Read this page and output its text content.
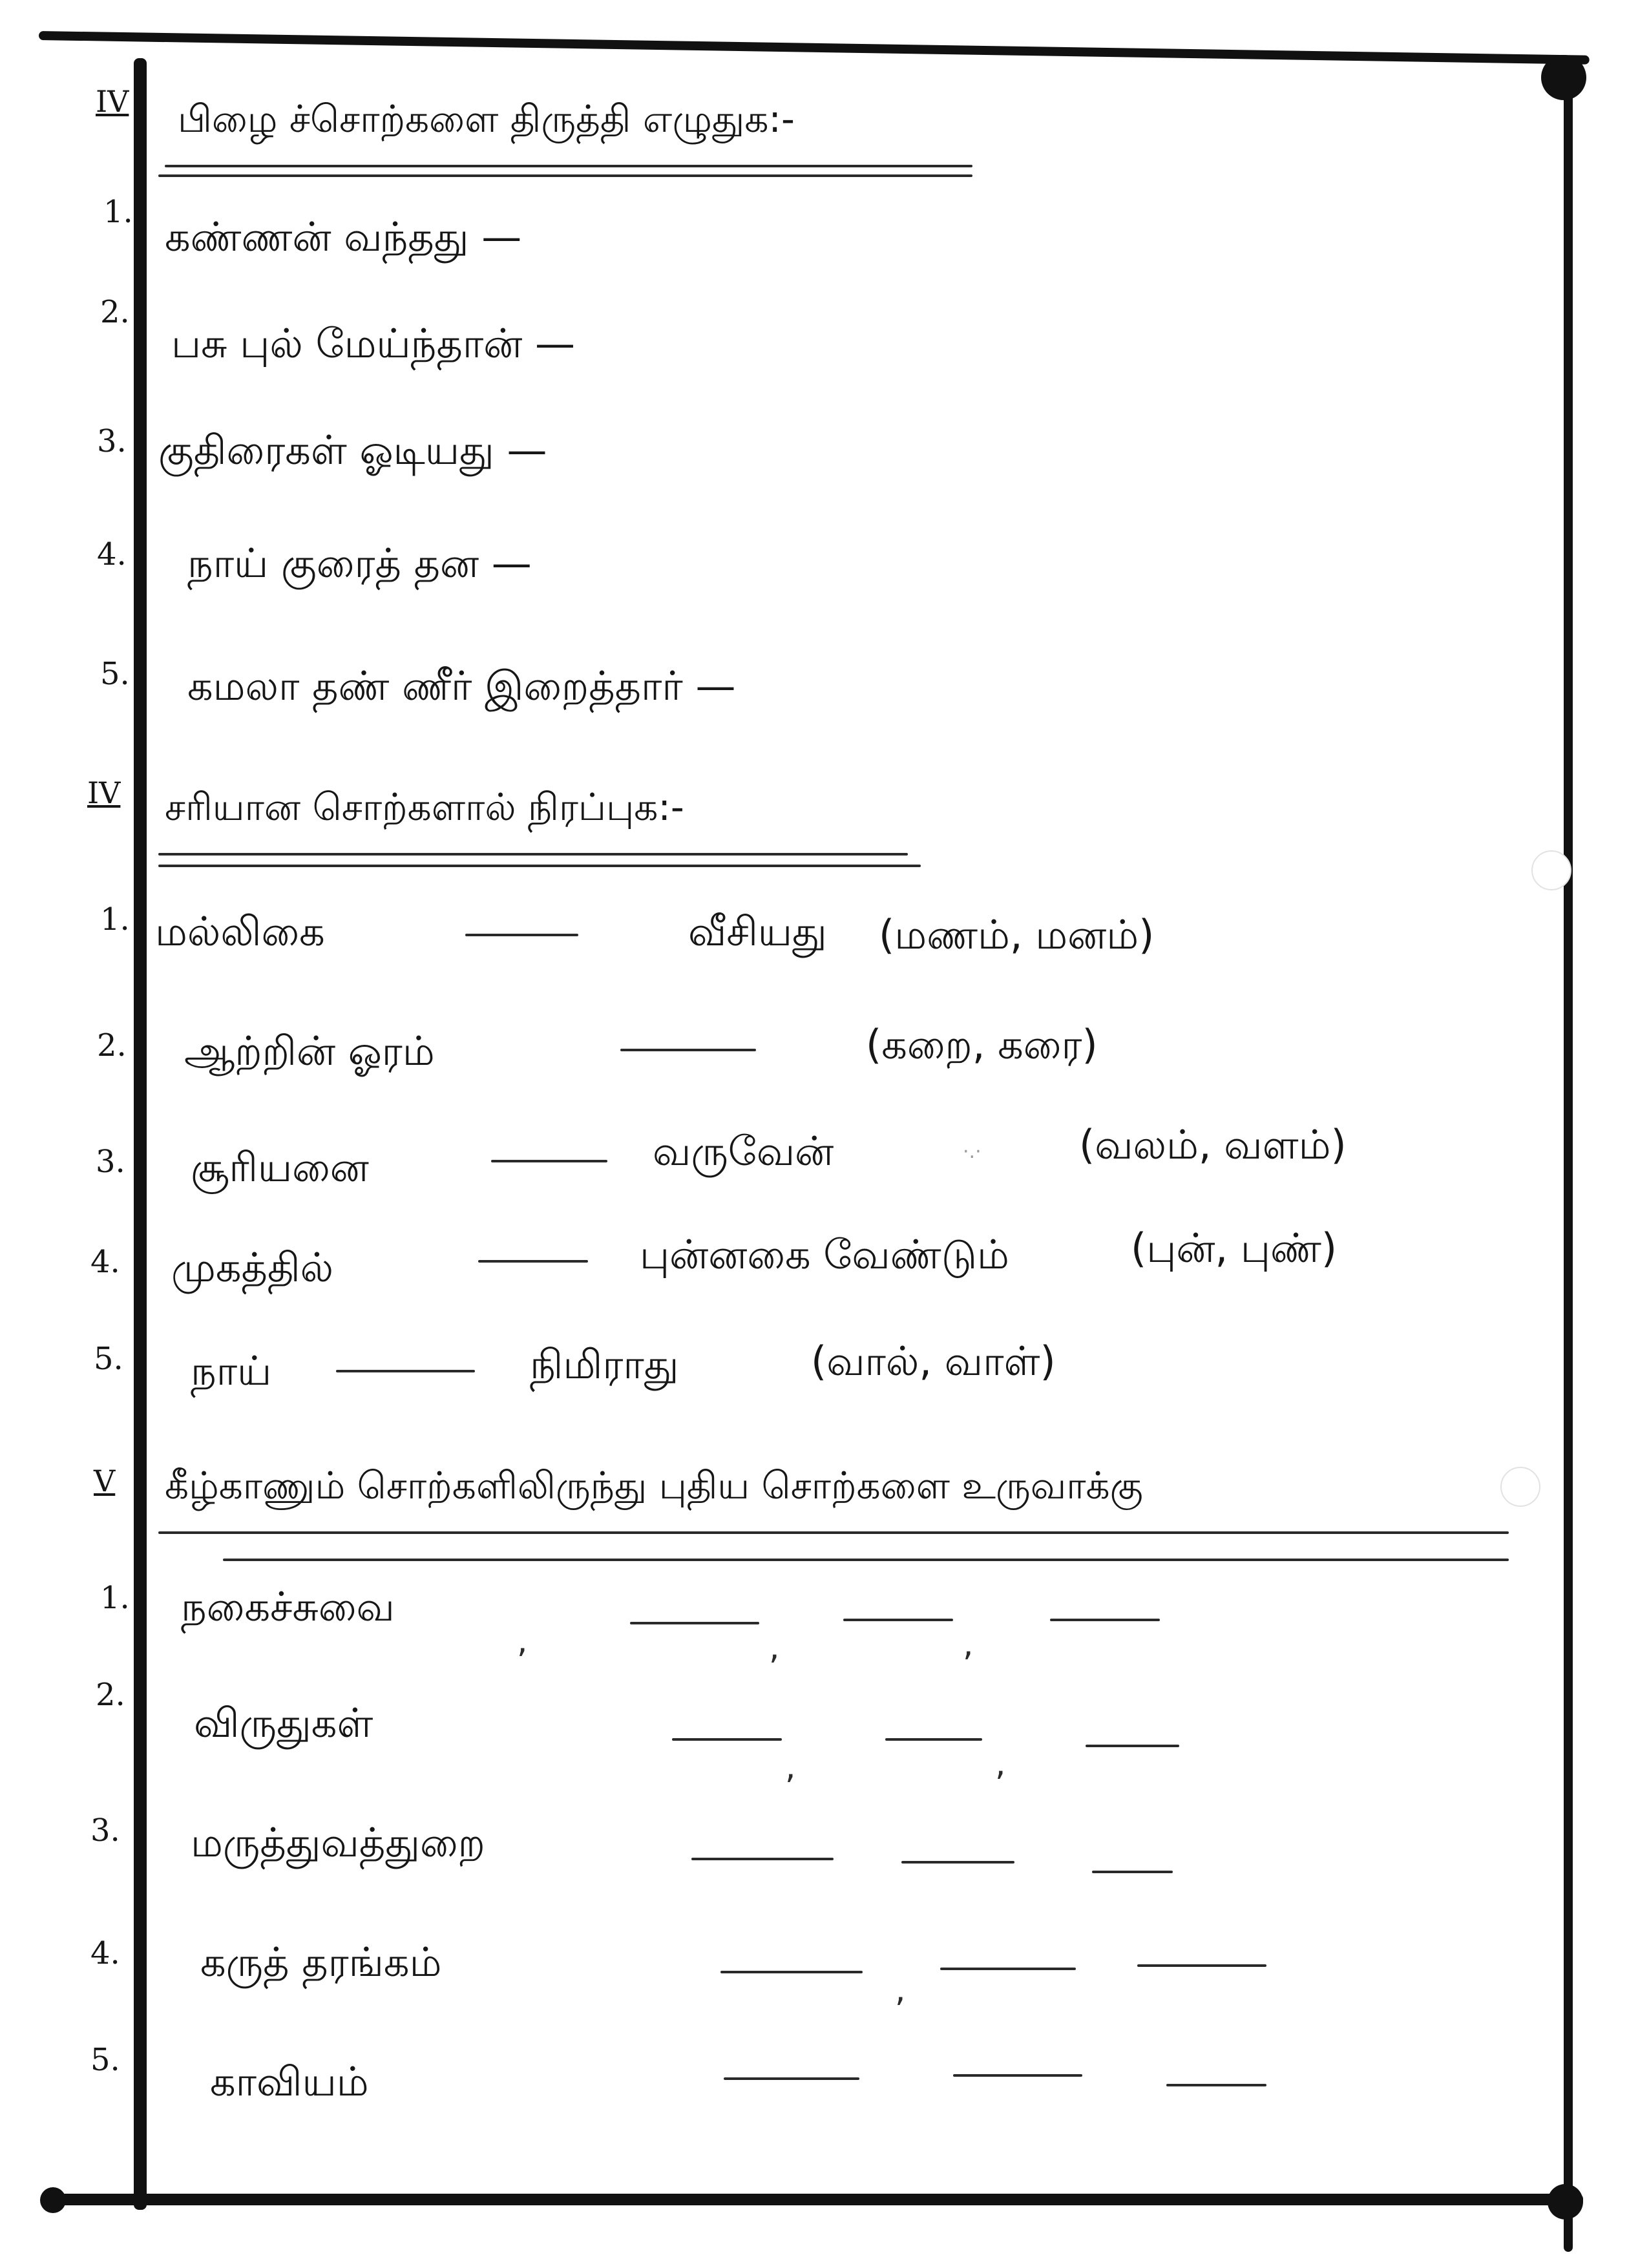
IV பிழை ச்சொற்களை திருத்தி எழுதுக:-
1.
கண்ணன் வந்தது —
2.
பசு புல் மேய்ந்தான் —
3. குதிரைகள் ஓடியது —
4. நாய் குரைத் தன —
5. கமலா தண் ணீர் இறைத்தார் —
IV சரியான சொற்களால் நிரப்புக:-
1. மல்லிகை	வீசியது (மணம், மனம்)
2. ஆற்றின் ஓரம்	(கறை, கரை)
3. சூரியனை	வருவேன்	·.· (வலம், வளம்)
4. முகத்தில்	புன்னகை வேண்டும்	(புன், புண்)
5. நாய்	நிமிராது	(வால், வாள்)
V கீழ்காணும் சொற்களிலிருந்து புதிய சொற்களை உருவாக்கு
1. நகைச்சுவை
,	,	,
2.
விருதுகள்
,	,
3. மருத்துவத்துறை
4. கருத் தரங்கம்
,
5. காவியம்
